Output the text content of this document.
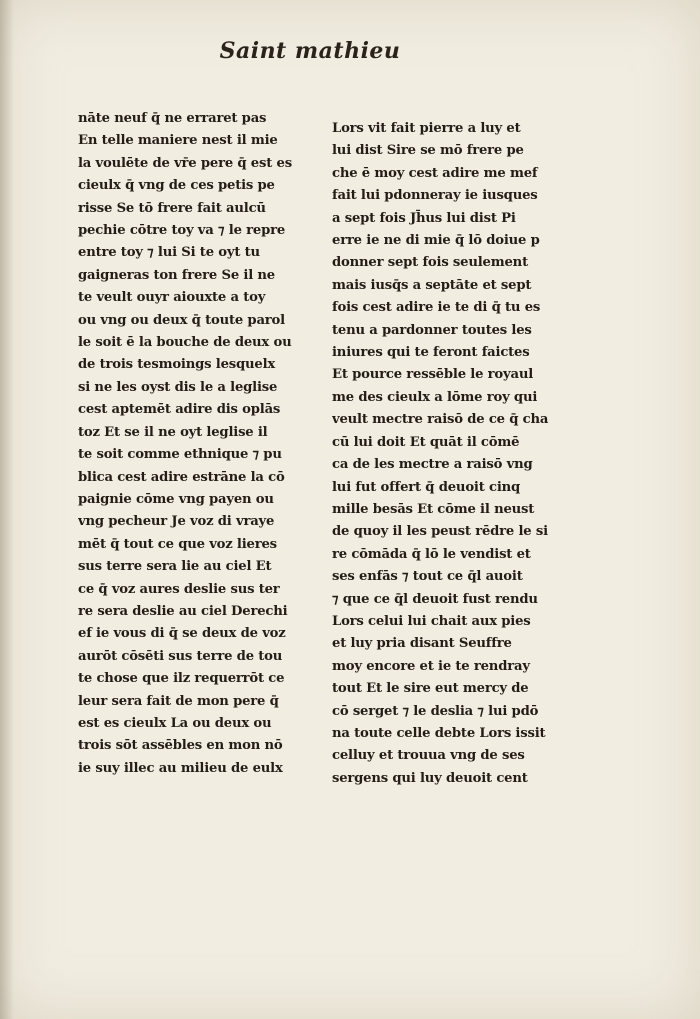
Saint mathieu
nāte neuf q̄ ne erraret pas
En telle maniere nest il mie
la voulēte de vr̄e pere q̄ est es
cieulx q̄ vng de ces petis pe
risse Se tō frere fait aulcū
pechie cōtre toy va ⁊ le repre
entre toy ⁊ lui Si te oyt tu
gaigneras ton frere Se il ne
te veult ouyr aiouxte a toy
ou vng ou deux q̄ toute parol
le soit ē la bouche de deux ou
de trois tesmoings lesquelx
si ne les oyst dis le a leglise
cest aptemēt adire dis oplās
toz Et se il ne oyt leglise il
te soit comme ethnique ⁊ pu
blica cest adire estrāne la cō
paignie cōme vng payen ou
vng pecheur Je voz di vraye
mēt q̄ tout ce que voz lieres
sus terre sera lie au ciel Et
ce q̄ voz aures deslie sus ter
re sera deslie au ciel Derechi
ef ie vous di q̄ se deux de voz
aurōt cōsēti sus terre de tou
te chose que ilz requerrōt ce
leur sera fait de mon pere q̄
est es cieulx La ou deux ou
trois sōt assēbles en mon nō
ie suy illec au milieu de eulx
Lors vit fait pierre a luy et
lui dist Sire se mō frere pe
che ē moy cest adire me mef
fait lui pdonneray ie iusques
a sept fois Jh̄us lui dist Pi
erre ie ne di mie q̄ lō doiue p
donner sept fois seulement
mais iusq̄s a septāte et sept
fois cest adire ie te di q̄ tu es
tenu a pardonner toutes les
iniures qui te feront faictes
Et pource ressēble le royaul
me des cieulx a lōme roy qui
veult mectre raisō de ce q̄ cha
cū lui doit Et quāt il cōmē
ca de les mectre a raisō vng
lui fut offert q̄ deuoit cinq
mille besās Et cōme il neust
de quoy il les peust rēdre le si
re cōmāda q̄ lō le vendist et
ses enfās ⁊ tout ce q̄l auoit
⁊ que ce q̄l deuoit fust rendu
Lors celui lui chait aux pies
et luy pria disant Seuffre
moy encore et ie te rendray
tout Et le sire eut mercy de
cō serget ⁊ le deslia ⁊ lui pdō
na toute celle debte Lors issit
celluy et trouua vng de ses
sergens qui luy deuoit cent
